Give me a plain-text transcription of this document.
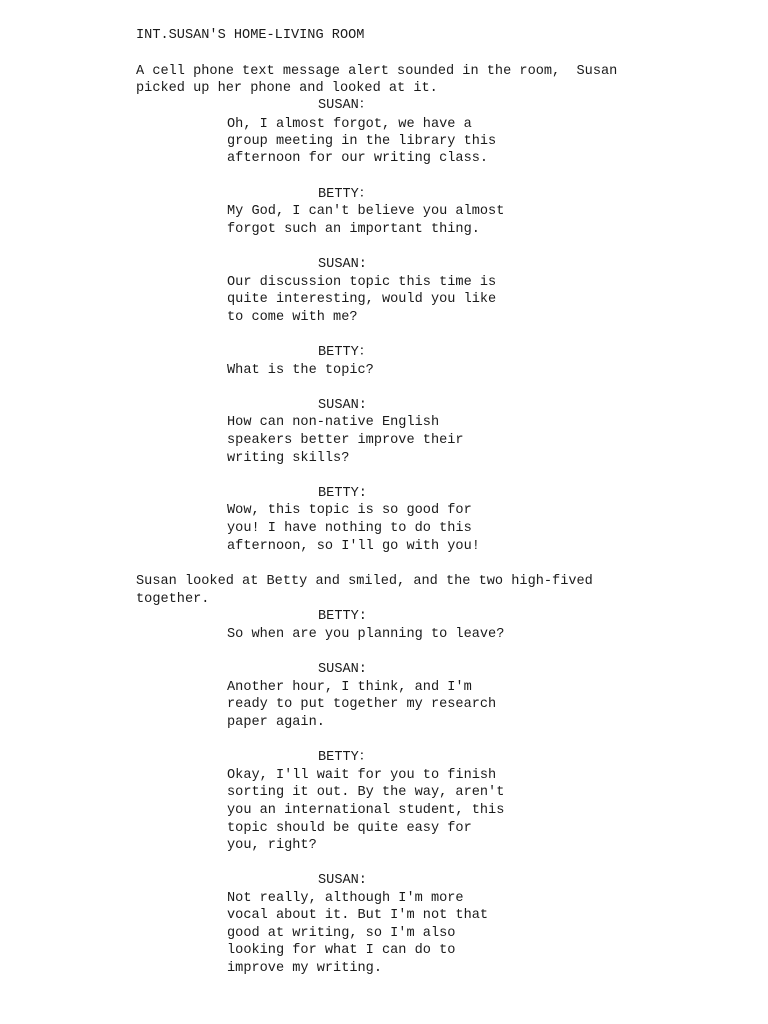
INT.SUSAN'S HOME-LIVING ROOM
A cell phone text message alert sounded in the room,  Susan
picked up her phone and looked at it.
SUSAN：
Oh, I almost forgot, we have a
group meeting in the library this
afternoon for our writing class.
BETTY：
My God, I can't believe you almost
forgot such an important thing.
SUSAN:
Our discussion topic this time is
quite interesting, would you like
to come with me?
BETTY：
What is the topic?
SUSAN:
How can non-native English
speakers better improve their
writing skills?
BETTY:
Wow, this topic is so good for
you! I have nothing to do this
afternoon, so I'll go with you!
Susan looked at Betty and smiled, and the two high-fived
together.
BETTY:
So when are you planning to leave?
SUSAN:
Another hour, I think, and I'm
ready to put together my research
paper again.
BETTY：
Okay, I'll wait for you to finish
sorting it out. By the way, aren't
you an international student, this
topic should be quite easy for
you, right?
SUSAN:
Not really, although I'm more
vocal about it. But I'm not that
good at writing, so I'm also
looking for what I can do to
improve my writing.
